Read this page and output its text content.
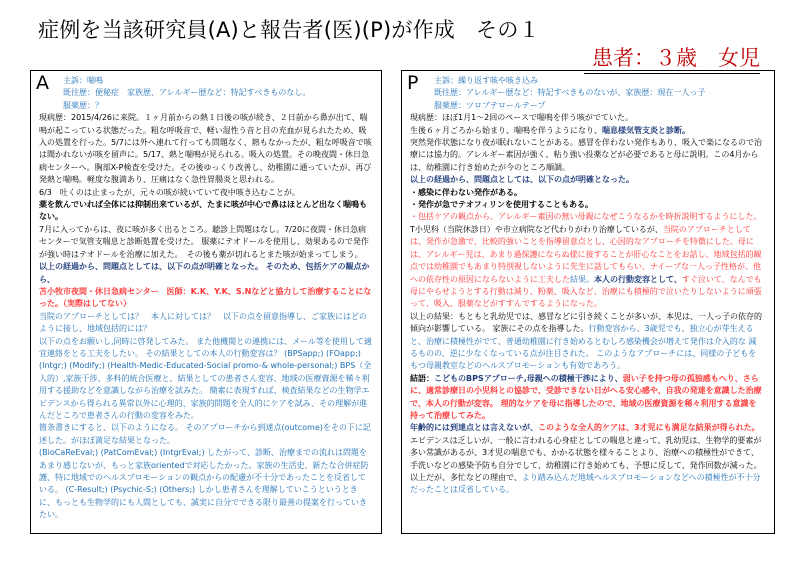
症例を当該研究員(A)と報告者(医)(P)が作成　その１
患者：３歳　女児
A	主訴：喘鳴
既往歴：便秘症　家族歴、アレルギー歴など：特記すべきものなし。
服薬歴：？

現病歴：2015/4/26に来院。１ヶ月前からの熱１日後の咳が続き、２日前から鼻が出て、喘鳴が起こっている状態だった。粗な呼吸音で、軽い湿性う音と目の充血が見られたため、吸入の処置を行った。5/7には外へ連れて行っても問題なく、熱もなかったが、粗な呼吸音で咳は聞かれないが咳を留声に。5/17、熱と喘鳴が見られる。吸入の処置。その晩夜間・休日急病センターへ。胸部X-P検査を受けた。その後ゆっくり改善し、幼稚園に通っていたが、再び発熱と喘鳴。軽度な腹満あり、圧痛はなく急性胃腸炎と思われる。

6/3　吐くのは止まったが、元々の咳が続いていて夜中咳き込むことが。

薬を飲んでいれば全体には抑制出来ているが、たまに咳が中心で鼻はほとんど出なく喘鳴もない。

7月に入ってからは、夜に咳が多く出るところ。聴診上問題はなし。7/20に夜間・休日急病センターで気管支喘息と診断処置を受けた。 服薬にテオドールを使用し、効果あるので発作が強い時はテオドールを治療に加えた。　その後も薬が切れるとまた咳が始まってしまう。

以上の経過から、問題点としては、以下の点が明確となった。 そのため、包括ケアの観点から、

苫小牧市夜間・休日急病センター　医師：K.K、Y.K、S.Nなどと協力して治療することになった。（実際はしてない）

当院のアプローチとしては？　本人に対しては？　以下の点を留意指導し、ご家族にはどのように接し、地域包括的には？

以下の点をお願いし,同時に啓発してみた。 また他機関との連携には、メール等を使用して適宜連絡をとる工夫をしたい。 その結果としての本人の行動変容は？ (BPSapp;) (FOapp;) (Intgr;) (Modify;) (Health-Medic-Educated-Social promo-& whole-personal;) BPS（全人的）,家族干渉、多科的統合医療と、結果としての患者さん変容、地域の医療資源を稀々利用する援助などを意識しながら治療を試みた。 簡素に表現すれば、検査結果などの生物学エビデンスから得られる異常以外に心理的、家族的問題を全人的にケアを試み、その理解が進んだところで患者さんの行動の変容をみた。

箇条書きにすると、以下のようになる。 そのアプローチから到達点(outcome)をその下に記述した。がほぼ満足な結果となった。

(BioCaReEval;) (PatComEval;) (IntgrEval;) したがって、診断、治療までの流れは問題をあまり感じないが、もっと家族orientedで対応したかった。家族の生活史、新たな合併症防護、特に地域でのヘルスプロモーションの観点からの配慮が不十分であったことを反省している。 (C-Result;) (Psychic-S;) (Others;) しかし患者さんを理解していこうというときに、もっとも生物学的にも人間としても、誠実に自分でできる限り最善の提案を行っていきたい。

P	主訴：繰り返す咳や咳き込み
既往歴：アレルギー歴など：特記すべきものないが、家族歴：現在一人っ子
服薬歴：ツロブテロールテープ

現病歴：ほぼ1月1〜2回のペースで喘鳴を伴う咳がでていた。

生後６ヶ月ごろから始まり、喘鳴を伴うようになり、喘息様気管支炎と診断。

突然発作状態になり夜が眠れないことがある。感冒を伴わない発作もあり、吸入で楽になるので治療には協力的。アレルギー素因が強く、粘り強い投薬などが必要であると母に説明。この4月からは、幼稚園に行き始めたが今のところ順調。

以上の経過から、問題点としては、以下の点が明確となった。

・感染に伴わない発作がある。

・発作が急でテオフィリンを使用することもある。

・包括ケアの観点から、アレルギー素因の無い母親になぜこうなるかを時折説明するようにした。

T小児科（当院休診日）や市立病院など代わりがわり治療しているが、当院のアプローチとしては、発作が急激で、比較的強いことを指導留意点とし、心因的なアプローチを特徴にした。母には、アレルギー児は、あまり過保護にならぬ様に接することが肝心なことをお話し、地域包括的観点では幼稚園でもあまり特別視しないように先生に話してもらい、ナイーブな一人っ子性格が、他への依存性の原因にならないように工夫した結果。本人の行動変容として、すぐ泣いて、なんでも母にやらせようとする行動は減り、粉薬、吸入など、治療にも積極的で泣いたりしないように頑張って、吸入、服薬などがすすんでするようになった。

以上の結果：もともと乳幼児では、感冒などに引き続くことが多いが、本児は、一人っ子の依存的傾向が影響している。 家族にその点を指導した。行動変容から、3歳児でも、独立心が芽生えると、治療に積極性がでて、普通幼稚園に行き始めるとむしろ感染機会が増えて発作は介入的な 減るものの、逆に少なくなっている点が注目された。 このようなアプローチには、同様の子どもをもつ母親教室などのヘルスプロモーションも有効であろう。

結語：こどものBPSアプローチ,母親への積極干渉により、弱い子を持つ母の孤独感もへり、さらに、適常診療日の小児科との協診で、受診できない日がへる安心感や、自我の発達を意識した治療で、本人の行動が変容。 理的なケアを母に指導したので、地域の医療資源を稀々利用する意識を持って治療してみた。

年齢的には到達点とは言えないが、このような全人的ケアは、3才児にも満足な結果が得られた。

エビデンスは乏しいが、一般に言われる心身症としての喘息と違って、乳幼児は、生物学的要素が多い常識があるが、3才児の喘息でも、かかる状態を様々ることより、治療への積極性ができて、手洗いなどの感染予防も自分でして、幼稚園に行き始めても、予想に反して、発作回数が減った。

以上だが、多忙などの理由で、より踏み込んだ地域ヘルスプロモーションなどへの積極性が不十分だったことは反省している。
